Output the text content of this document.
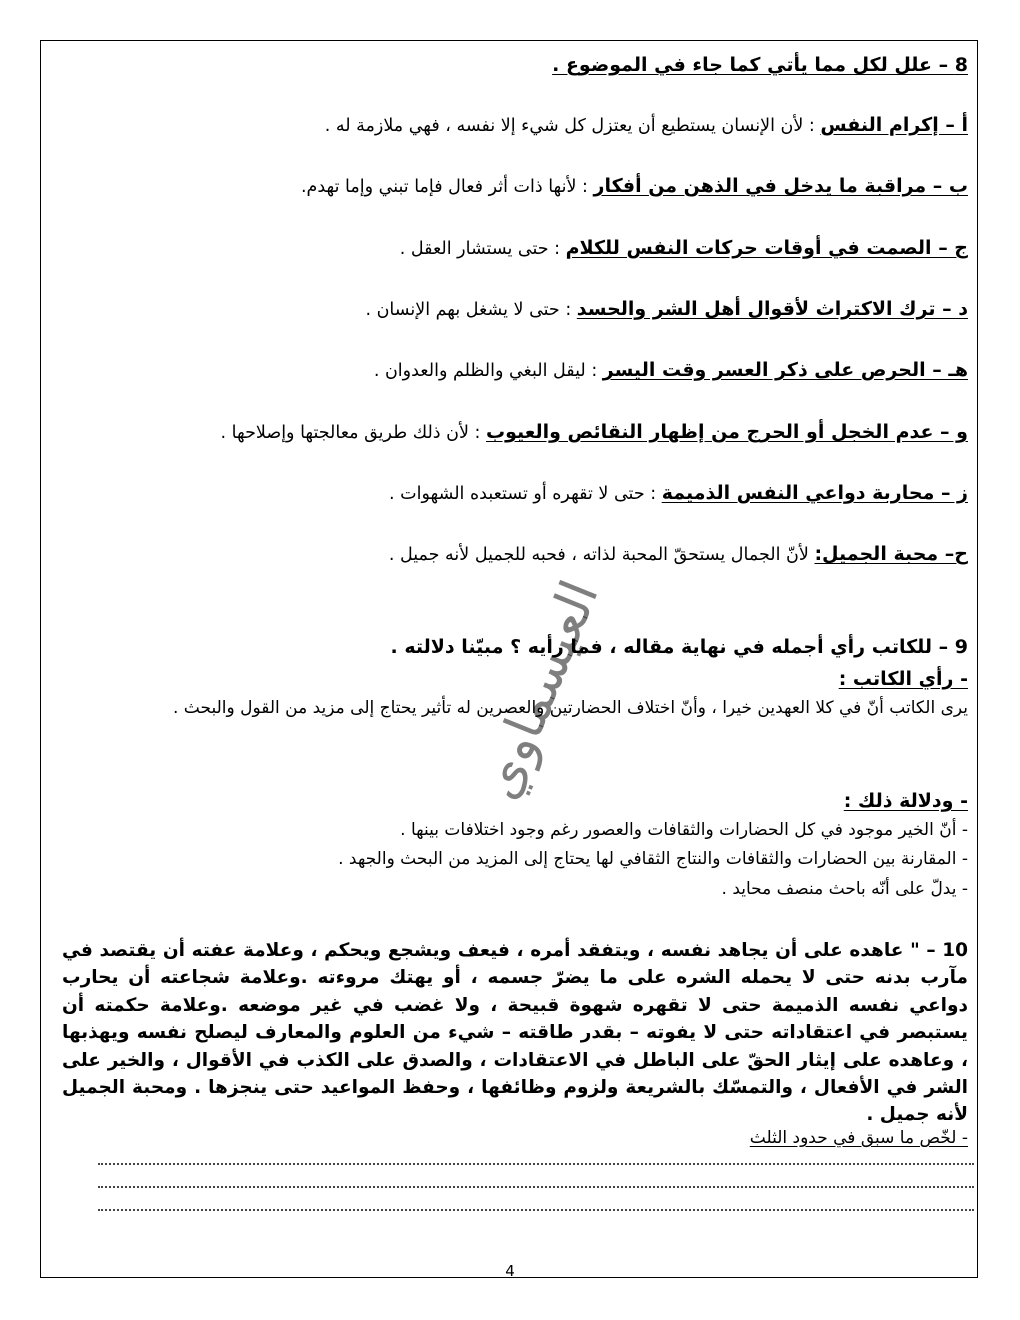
8 – علل لكل مما يأتي كما جاء في الموضوع .
أ – إكرام النفس : لأن الإنسان يستطيع أن يعتزل كل شيء إلا نفسه ، فهي ملازمة له .
ب – مراقبة ما يدخل في الذهن من أفكار : لأنها ذات أثر فعال فإما تبني وإما تهدم.
ج – الصمت في أوقات حركات النفس للكلام : حتى يستشار العقل .
د – ترك الاكتراث لأقوال أهل الشر والحسد : حتى لا يشغل بهم الإنسان .
هـ – الحرص على ذكر العسر وقت اليسر : ليقل البغي والظلم والعدوان .
و – عدم الخجل أو الحرج من إظهار النقائص والعيوب : لأن ذلك طريق معالجتها وإصلاحها .
ز – محاربة دواعي النفس الذميمة : حتى لا تقهره أو تستعبده الشهوات .
ح– محبة الجميل: لأنّ الجمال يستحقّ المحبة لذاته ، فحبه للجميل لأنه جميل .
9 – للكاتب رأي أجمله في نهاية مقاله ، فما رأيه ؟ مبيّنا دلالته .
- رأي الكاتب :
يرى الكاتب أنّ في كلا العهدين خيرا ، وأنّ اختلاف الحضارتين والعصرين له تأثير يحتاج إلى مزيد من القول والبحث .
- ودلالة ذلك :
- أنّ الخير موجود في كل الحضارات والثقافات والعصور رغم وجود اختلافات بينها .
- المقارنة بين الحضارات والثقافات والنتاج الثقافي لها يحتاج إلى المزيد من البحث والجهد .
- يدلّ على أنّه باحث منصف محايد .
10 – " عاهده على أن يجاهد نفسه ، ويتفقد أمره ، فيعف ويشجع ويحكم ، وعلامة عفته أن يقتصد في مآرب بدنه حتى لا يحمله الشره على ما يضرّ جسمه ، أو يهتك مروءته .وعلامة شجاعته أن يحارب دواعي نفسه الذميمة حتى لا تقهره شهوة قبيحة ، ولا غضب في غير موضعه .وعلامة حكمته أن يستبصر في اعتقاداته حتى لا يفوته – بقدر طاقته – شيء من العلوم والمعارف ليصلح نفسه ويهذبها ، وعاهده على إيثار الحقّ على الباطل في الاعتقادات ، والصدق على الكذب في الأقوال ، والخير على الشر في الأفعال ، والتمسّك بالشريعة ولزوم وظائفها ، وحفظ المواعيد حتى ينجزها . ومحبة الجميل لأنه جميل .
- لخّص ما سبق في حدود الثلث
العيسماوي
4
